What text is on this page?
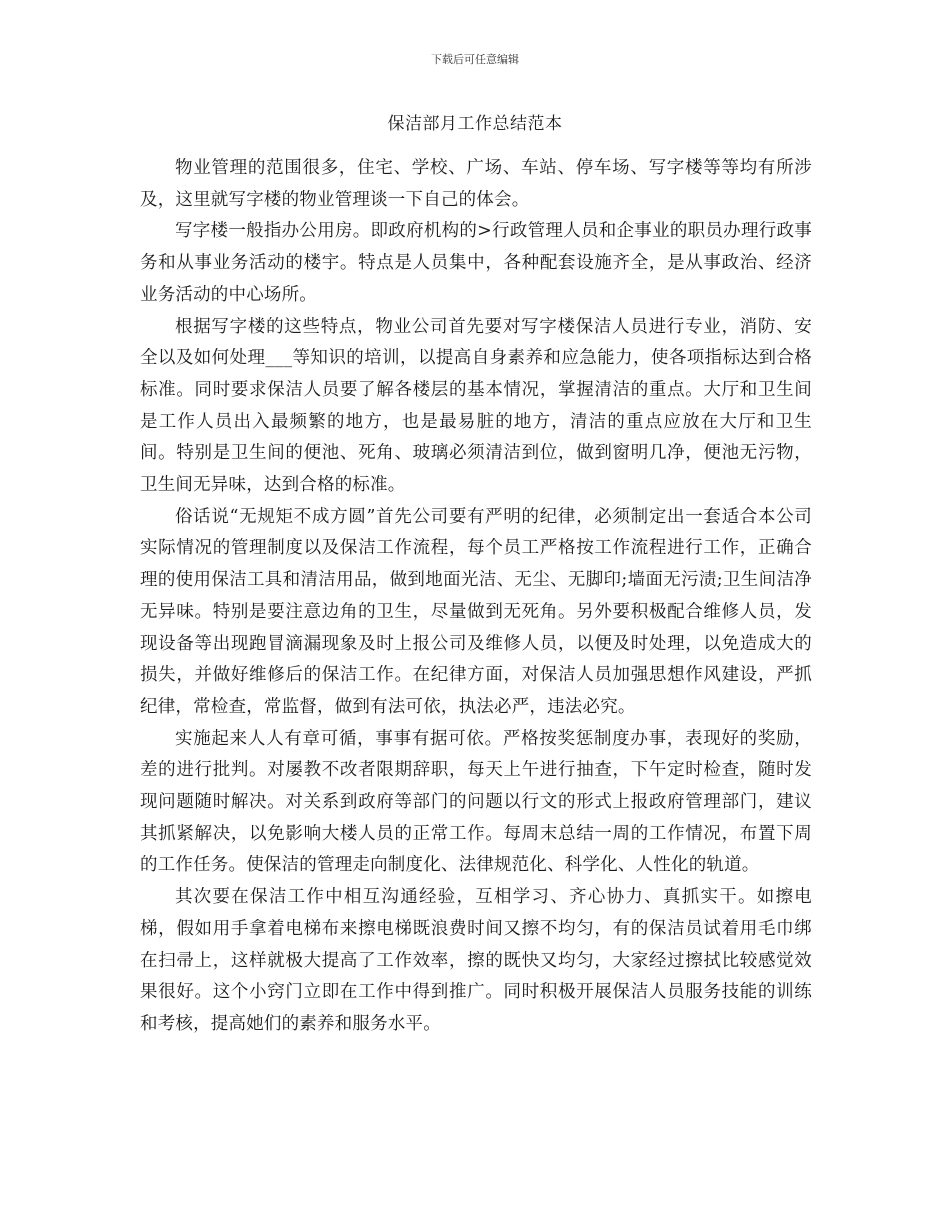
下载后可任意编辑
保洁部月工作总结范本

物业管理的范围很多，住宅、学校、广场、车站、停车场、写字楼等等均有所涉及，这里就写字楼的物业管理谈一下自己的体会。

写字楼一般指办公用房。即政府机构的>行政管理人员和企事业的职员办理行政事务和从事业务活动的楼宇。特点是人员集中，各种配套设施齐全，是从事政治、经济业务活动的中心场所。

根据写字楼的这些特点，物业公司首先要对写字楼保洁人员进行专业，消防、安全以及如何处理___等知识的培训，以提高自身素养和应急能力，使各项指标达到合格标准。同时要求保洁人员要了解各楼层的基本情况，掌握清洁的重点。大厅和卫生间是工作人员出入最频繁的地方，也是最易脏的地方，清洁的重点应放在大厅和卫生间。特别是卫生间的便池、死角、玻璃必须清洁到位，做到窗明几净，便池无污物，卫生间无异味，达到合格的标准。

俗话说“无规矩不成方圆”首先公司要有严明的纪律，必须制定出一套适合本公司实际情况的管理制度以及保洁工作流程，每个员工严格按工作流程进行工作，正确合理的使用保洁工具和清洁用品，做到地面光洁、无尘、无脚印;墙面无污渍;卫生间洁净无异味。特别是要注意边角的卫生，尽量做到无死角。另外要积极配合维修人员，发现设备等出现跑冒滴漏现象及时上报公司及维修人员，以便及时处理，以免造成大的损失，并做好维修后的保洁工作。在纪律方面，对保洁人员加强思想作风建设，严抓纪律，常检查，常监督，做到有法可依，执法必严，违法必究。

实施起来人人有章可循，事事有据可依。严格按奖惩制度办事，表现好的奖励，差的进行批判。对屡教不改者限期辞职，每天上午进行抽查，下午定时检查，随时发现问题随时解决。对关系到政府等部门的问题以行文的形式上报政府管理部门，建议其抓紧解决，以免影响大楼人员的正常工作。每周末总结一周的工作情况，布置下周的工作任务。使保洁的管理走向制度化、法律规范化、科学化、人性化的轨道。

其次要在保洁工作中相互沟通经验，互相学习、齐心协力、真抓实干。如擦电梯，假如用手拿着电梯布来擦电梯既浪费时间又擦不均匀，有的保洁员试着用毛巾绑在扫帚上，这样就极大提高了工作效率，擦的既快又均匀，大家经过擦拭比较感觉效果很好。这个小窍门立即在工作中得到推广。同时积极开展保洁人员服务技能的训练和考核，提高她们的素养和服务水平。
